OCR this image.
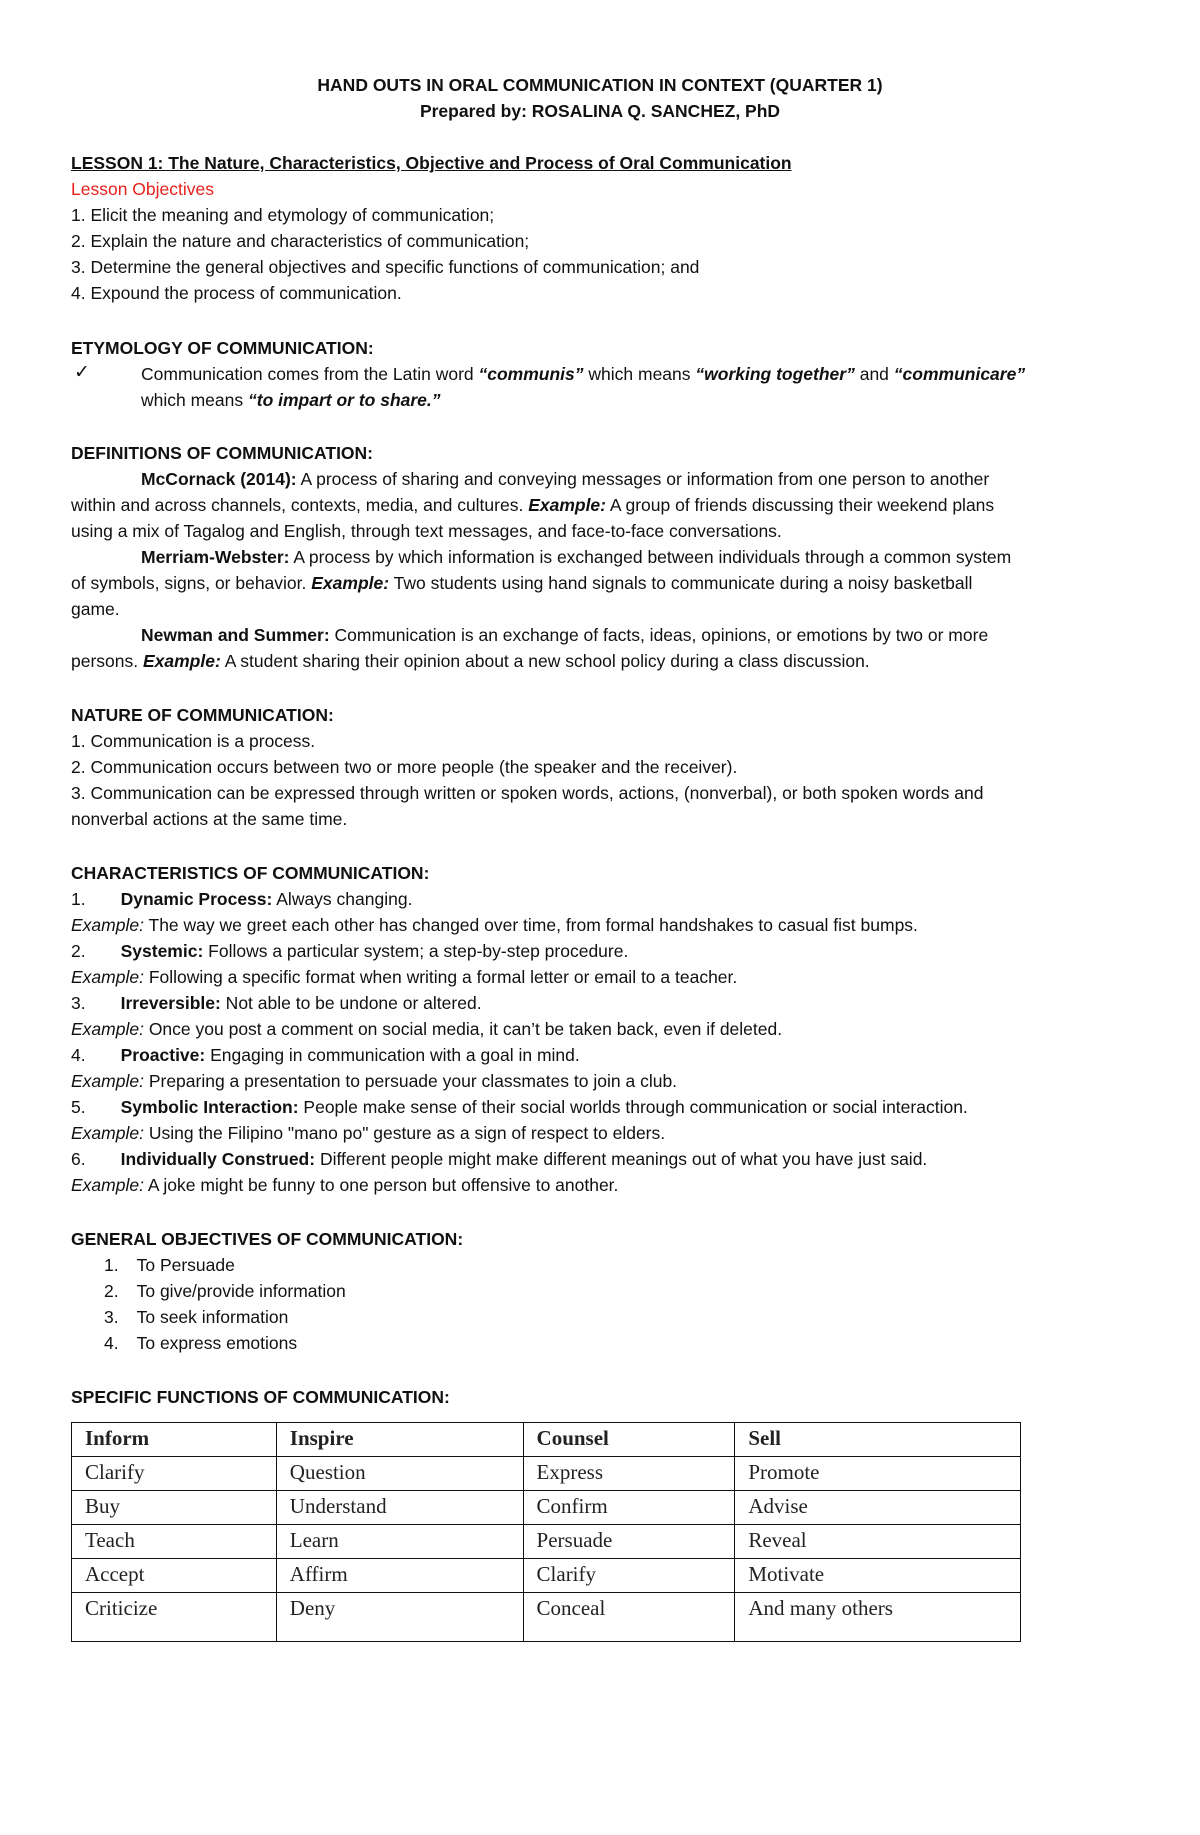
HAND OUTS IN ORAL COMMUNICATION IN CONTEXT (QUARTER 1)
Prepared by: ROSALINA Q. SANCHEZ, PhD
LESSON 1: The Nature, Characteristics, Objective and Process of Oral Communication
Lesson Objectives
1. Elicit the meaning and etymology of communication;
2. Explain the nature and characteristics of communication;
3. Determine the general objectives and specific functions of communication; and
4. Expound the process of communication.
ETYMOLOGY OF COMMUNICATION:
✓	Communication comes from the Latin word “communis” which means “working together” and “communicare”
which means “to impart or to share.”
DEFINITIONS OF COMMUNICATION:
McCornack (2014): A process of sharing and conveying messages or information from one person to another
within and across channels, contexts, media, and cultures. Example: A group of friends discussing their weekend plans
using a mix of Tagalog and English, through text messages, and face-to-face conversations.
Merriam-Webster: A process by which information is exchanged between individuals through a common system
of symbols, signs, or behavior. Example: Two students using hand signals to communicate during a noisy basketball
game.
Newman and Summer: Communication is an exchange of facts, ideas, opinions, or emotions by two or more
persons. Example: A student sharing their opinion about a new school policy during a class discussion.
NATURE OF COMMUNICATION:
1. Communication is a process.
2. Communication occurs between two or more people (the speaker and the receiver).
3. Communication can be expressed through written or spoken words, actions, (nonverbal), or both spoken words and
nonverbal actions at the same time.
CHARACTERISTICS OF COMMUNICATION:
1. Dynamic Process: Always changing.
Example: The way we greet each other has changed over time, from formal handshakes to casual fist bumps.
2. Systemic: Follows a particular system; a step-by-step procedure.
Example: Following a specific format when writing a formal letter or email to a teacher.
3. Irreversible: Not able to be undone or altered.
Example: Once you post a comment on social media, it can’t be taken back, even if deleted.
4. Proactive: Engaging in communication with a goal in mind.
Example: Preparing a presentation to persuade your classmates to join a club.
5. Symbolic Interaction: People make sense of their social worlds through communication or social interaction.
Example: Using the Filipino "mano po" gesture as a sign of respect to elders.
6. Individually Construed: Different people might make different meanings out of what you have just said.
Example: A joke might be funny to one person but offensive to another.
GENERAL OBJECTIVES OF COMMUNICATION:
1. To Persuade
2. To give/provide information
3. To seek information
4. To express emotions
SPECIFIC FUNCTIONS OF COMMUNICATION:
Inform	Inspire	Counsel	Sell
Clarify	Question	Express	Promote
Buy	Understand	Confirm	Advise
Teach	Learn	Persuade	Reveal
Accept	Affirm	Clarify	Motivate
Criticize	Deny	Conceal	And many others
